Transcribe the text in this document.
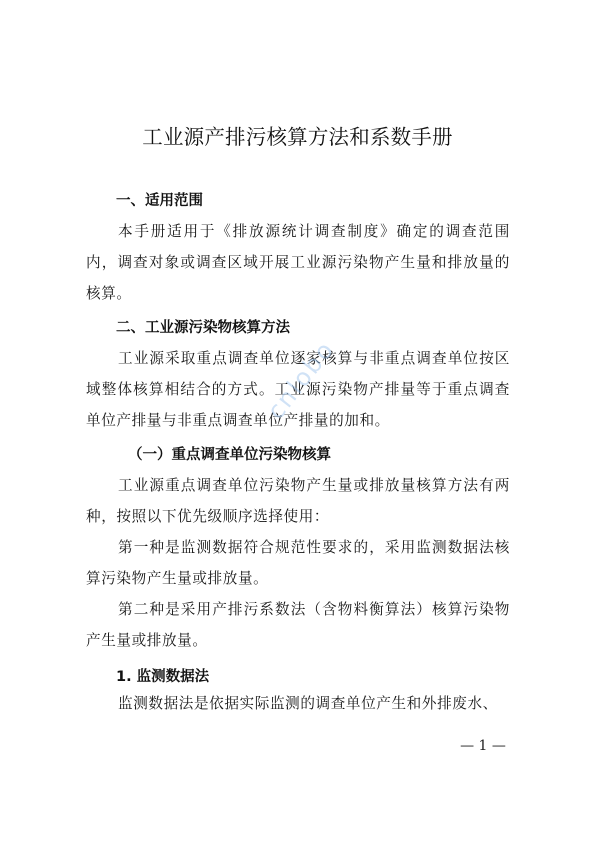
工业源产排污核算方法和系数手册
一、适用范围

本手册适用于《排放源统计调查制度》确定的调查范围内，调查对象或调查区域开展工业源污染物产生量和排放量的核算。

二、工业源污染物核算方法

工业源采取重点调查单位逐家核算与非重点调查单位按区域整体核算相结合的方式。工业源污染物产排量等于重点调查单位产排量与非重点调查单位产排量的加和。

（一）重点调查单位污染物核算

工业源重点调查单位污染物产生量或排放量核算方法有两种，按照以下优先级顺序选择使用：

第一种是监测数据符合规范性要求的，采用监测数据法核算污染物产生量或排放量。

第二种是采用产排污系数法（含物料衡算法）核算污染物产生量或排放量。

1. 监测数据法

监测数据法是依据实际监测的调查单位产生和外排废水、

cnlobo
— 1 —
